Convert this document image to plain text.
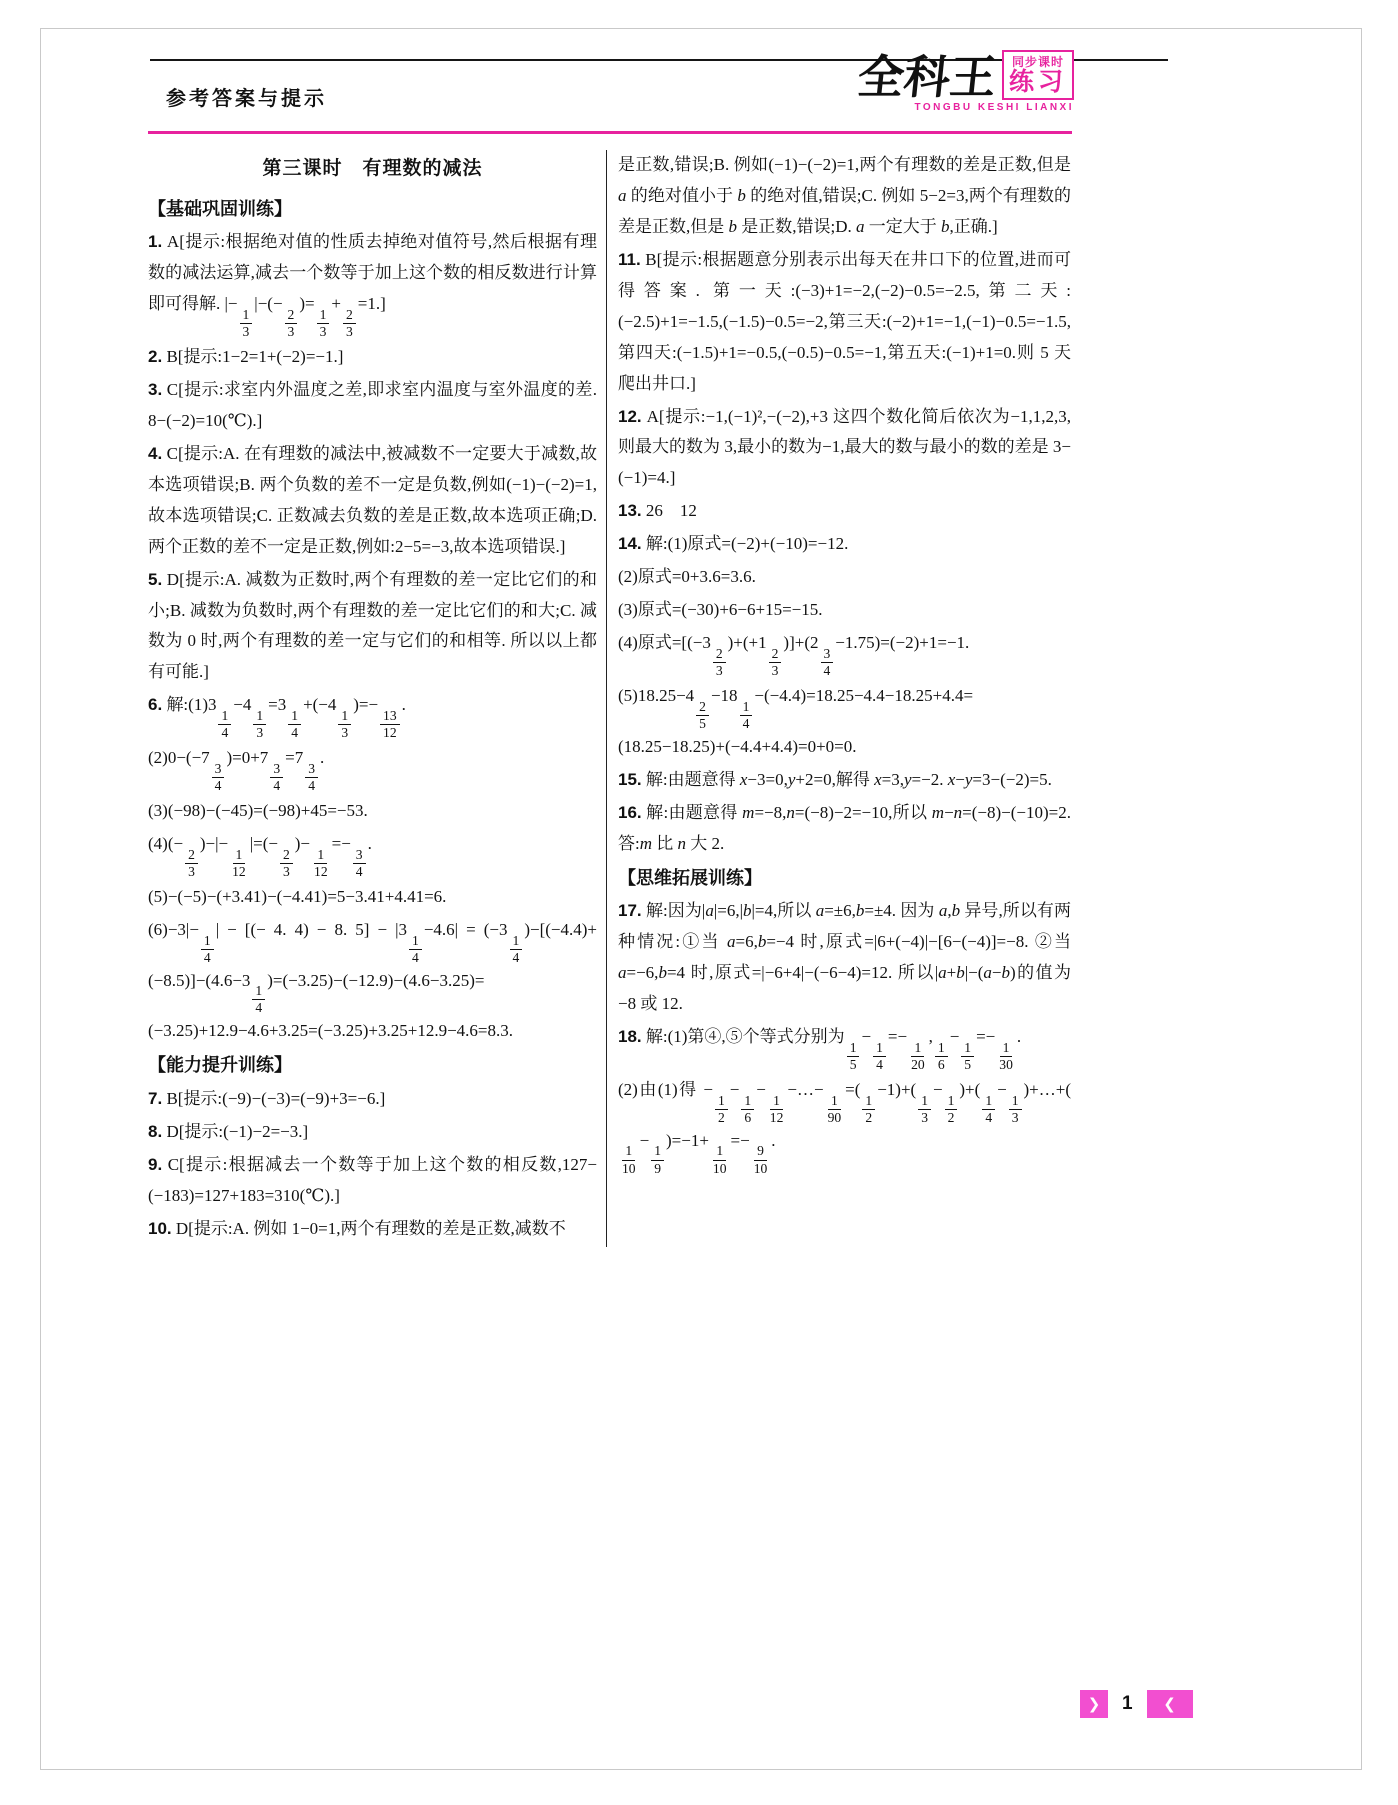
参考答案与提示	全科王 同步课时
练习
TONGBU KESHI LIANXI
第三课时　有理数的减法
【基础巩固训练】
1. A[提示:根据绝对值的性质去掉绝对值符号,然后根据有理数的减法运算,减去一个数等于加上这个数的相反数进行计算即可得解. |−
$\frac{1}{3}$
|−(−
$\frac{2}{3}$
)=
$\frac{1}{3}$
+
$\frac{2}{3}$
=1.]
2. B[提示:1−2=1+(−2)=−1.]
3. C[提示:求室内外温度之差,即求室内温度与室外温度的差. 8−(−2)=10(℃).]
4. C[提示:A. 在有理数的减法中,被减数不一定要大于减数,故本选项错误;B. 两个负数的差不一定是负数,例如(−1)−(−2)=1,故本选项错误;C. 正数减去负数的差是正数,故本选项正确;D. 两个正数的差不一定是正数,例如:2−5=−3,故本选项错误.]
5. D[提示:A. 减数为正数时,两个有理数的差一定比它们的和小;B. 减数为负数时,两个有理数的差一定比它们的和大;C. 减数为 0 时,两个有理数的差一定与它们的和相等. 所以以上都有可能.]
6. 解:(1)3
$\frac{1}{4}$
−4
$\frac{1}{3}$
=3
$\frac{1}{4}$
+(−4
$\frac{1}{3}$
)=−
$\frac{13}{12}$
.
(2)0−(−7
$\frac{3}{4}$
)=0+7
$\frac{3}{4}$
=7
$\frac{3}{4}$
.
(3)(−98)−(−45)=(−98)+45=−53.
(4)(−
$\frac{2}{3}$
)−|−
$\frac{1}{12}$
|=(−
$\frac{2}{3}$
)−
$\frac{1}{12}$
=−
$\frac{3}{4}$
.
(5)−(−5)−(+3.41)−(−4.41)=5−3.41+4.41=6.
(6)−3|−
$\frac{1}{4}$
| − [(− 4. 4) − 8. 5] − |3
$\frac{1}{4}$
−4.6| = (−3
$\frac{1}{4}$
)−[(−4.4)+(−8.5)]−(4.6−3
$\frac{1}{4}$
)=(−3.25)−(−12.9)−(4.6−3.25)=(−3.25)+12.9−4.6+3.25=(−3.25)+3.25+12.9−4.6=8.3.
【能力提升训练】
7. B[提示:(−9)−(−3)=(−9)+3=−6.]
8. D[提示:(−1)−2=−3.]
9. C[提示:根据减去一个数等于加上这个数的相反数,127−(−183)=127+183=310(℃).]
10. D[提示:A. 例如 1−0=1,两个有理数的差是正数,减数不
是正数,错误;B. 例如(−1)−(−2)=1,两个有理数的差是正数,但是 a 的绝对值小于 b 的绝对值,错误;C. 例如 5−2=3,两个有理数的差是正数,但是 b 是正数,错误;D. a 一定大于 b,正确.]
11. B[提示:根据题意分别表示出每天在井口下的位置,进而可得答案. 第一天:(−3)+1=−2,(−2)−0.5=−2.5,第二天:(−2.5)+1=−1.5,(−1.5)−0.5=−2,第三天:(−2)+1=−1,(−1)−0.5=−1.5,第四天:(−1.5)+1=−0.5,(−0.5)−0.5=−1,第五天:(−1)+1=0.则 5 天爬出井口.]
12. A[提示:−1,(−1)²,−(−2),+3 这四个数化简后依次为−1,1,2,3,则最大的数为 3,最小的数为−1,最大的数与最小的数的差是 3−(−1)=4.]
13. 26　12
14. 解:(1)原式=(−2)+(−10)=−12.
(2)原式=0+3.6=3.6.
(3)原式=(−30)+6−6+15=−15.
(4)原式=[(−3
$\frac{2}{3}$
)+(+1
$\frac{2}{3}$
)]+(2
$\frac{3}{4}$
−1.75)=(−2)+1=−1.
(5)18.25−4
$\frac{2}{5}$
−18
$\frac{1}{4}$
−(−4.4)=18.25−4.4−18.25+4.4=(18.25−18.25)+(−4.4+4.4)=0+0=0.
15. 解:由题意得 x−3=0,y+2=0,解得 x=3,y=−2. x−y=3−(−2)=5.
16. 解:由题意得 m=−8,n=(−8)−2=−10,所以 m−n=(−8)−(−10)=2. 答:m 比 n 大 2.
【思维拓展训练】
17. 解:因为|a|=6,|b|=4,所以 a=±6,b=±4. 因为 a,b 异号,所以有两种情况:①当 a=6,b=−4 时,原式=|6+(−4)|−[6−(−4)]=−8. ②当 a=−6,b=4 时,原式=|−6+4|−(−6−4)=12. 所以|a+b|−(a−b)的值为−8 或 12.
18. 解:(1)第④,⑤个等式分别为
$\frac{1}{5}$
−
$\frac{1}{4}$
=−
$\frac{1}{20}$
,
$\frac{1}{6}$
−
$\frac{1}{5}$
=−
$\frac{1}{30}$
.
(2)由(1)得 −
$\frac{1}{2}$
−
$\frac{1}{6}$
−
$\frac{1}{12}$
−…−
$\frac{1}{90}$
=(
$\frac{1}{2}$
−1)+(
$\frac{1}{3}$
−
$\frac{1}{2}$
)+(
$\frac{1}{4}$
−
$\frac{1}{3}$
)+…+(
$\frac{1}{10}$
−
$\frac{1}{9}$
)=−1+
$\frac{1}{10}$
=−
$\frac{9}{10}$
.
❯	1	❮
